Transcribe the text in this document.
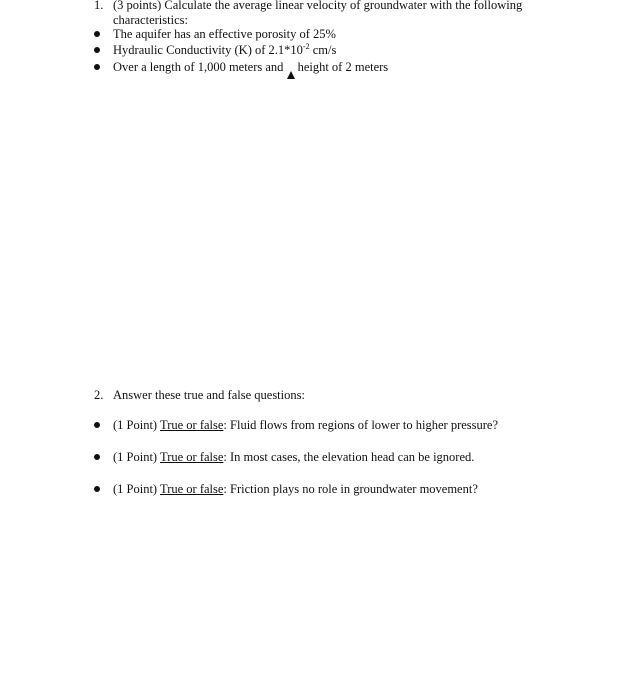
1. (3 points) Calculate the average linear velocity of groundwater with the following
characteristics:
The aquifer has an effective porosity of 25%
Hydraulic Conductivity (K) of $2.1*10^{-2}$ cm/s
Over a length of 1,000 meters and height of 2 meters
2. Answer these true and false questions:
(1 Point) True or false: Fluid flows from regions of lower to higher pressure?
(1 Point) True or false: In most cases, the elevation head can be ignored.
(1 Point) True or false: Friction plays no role in groundwater movement?
